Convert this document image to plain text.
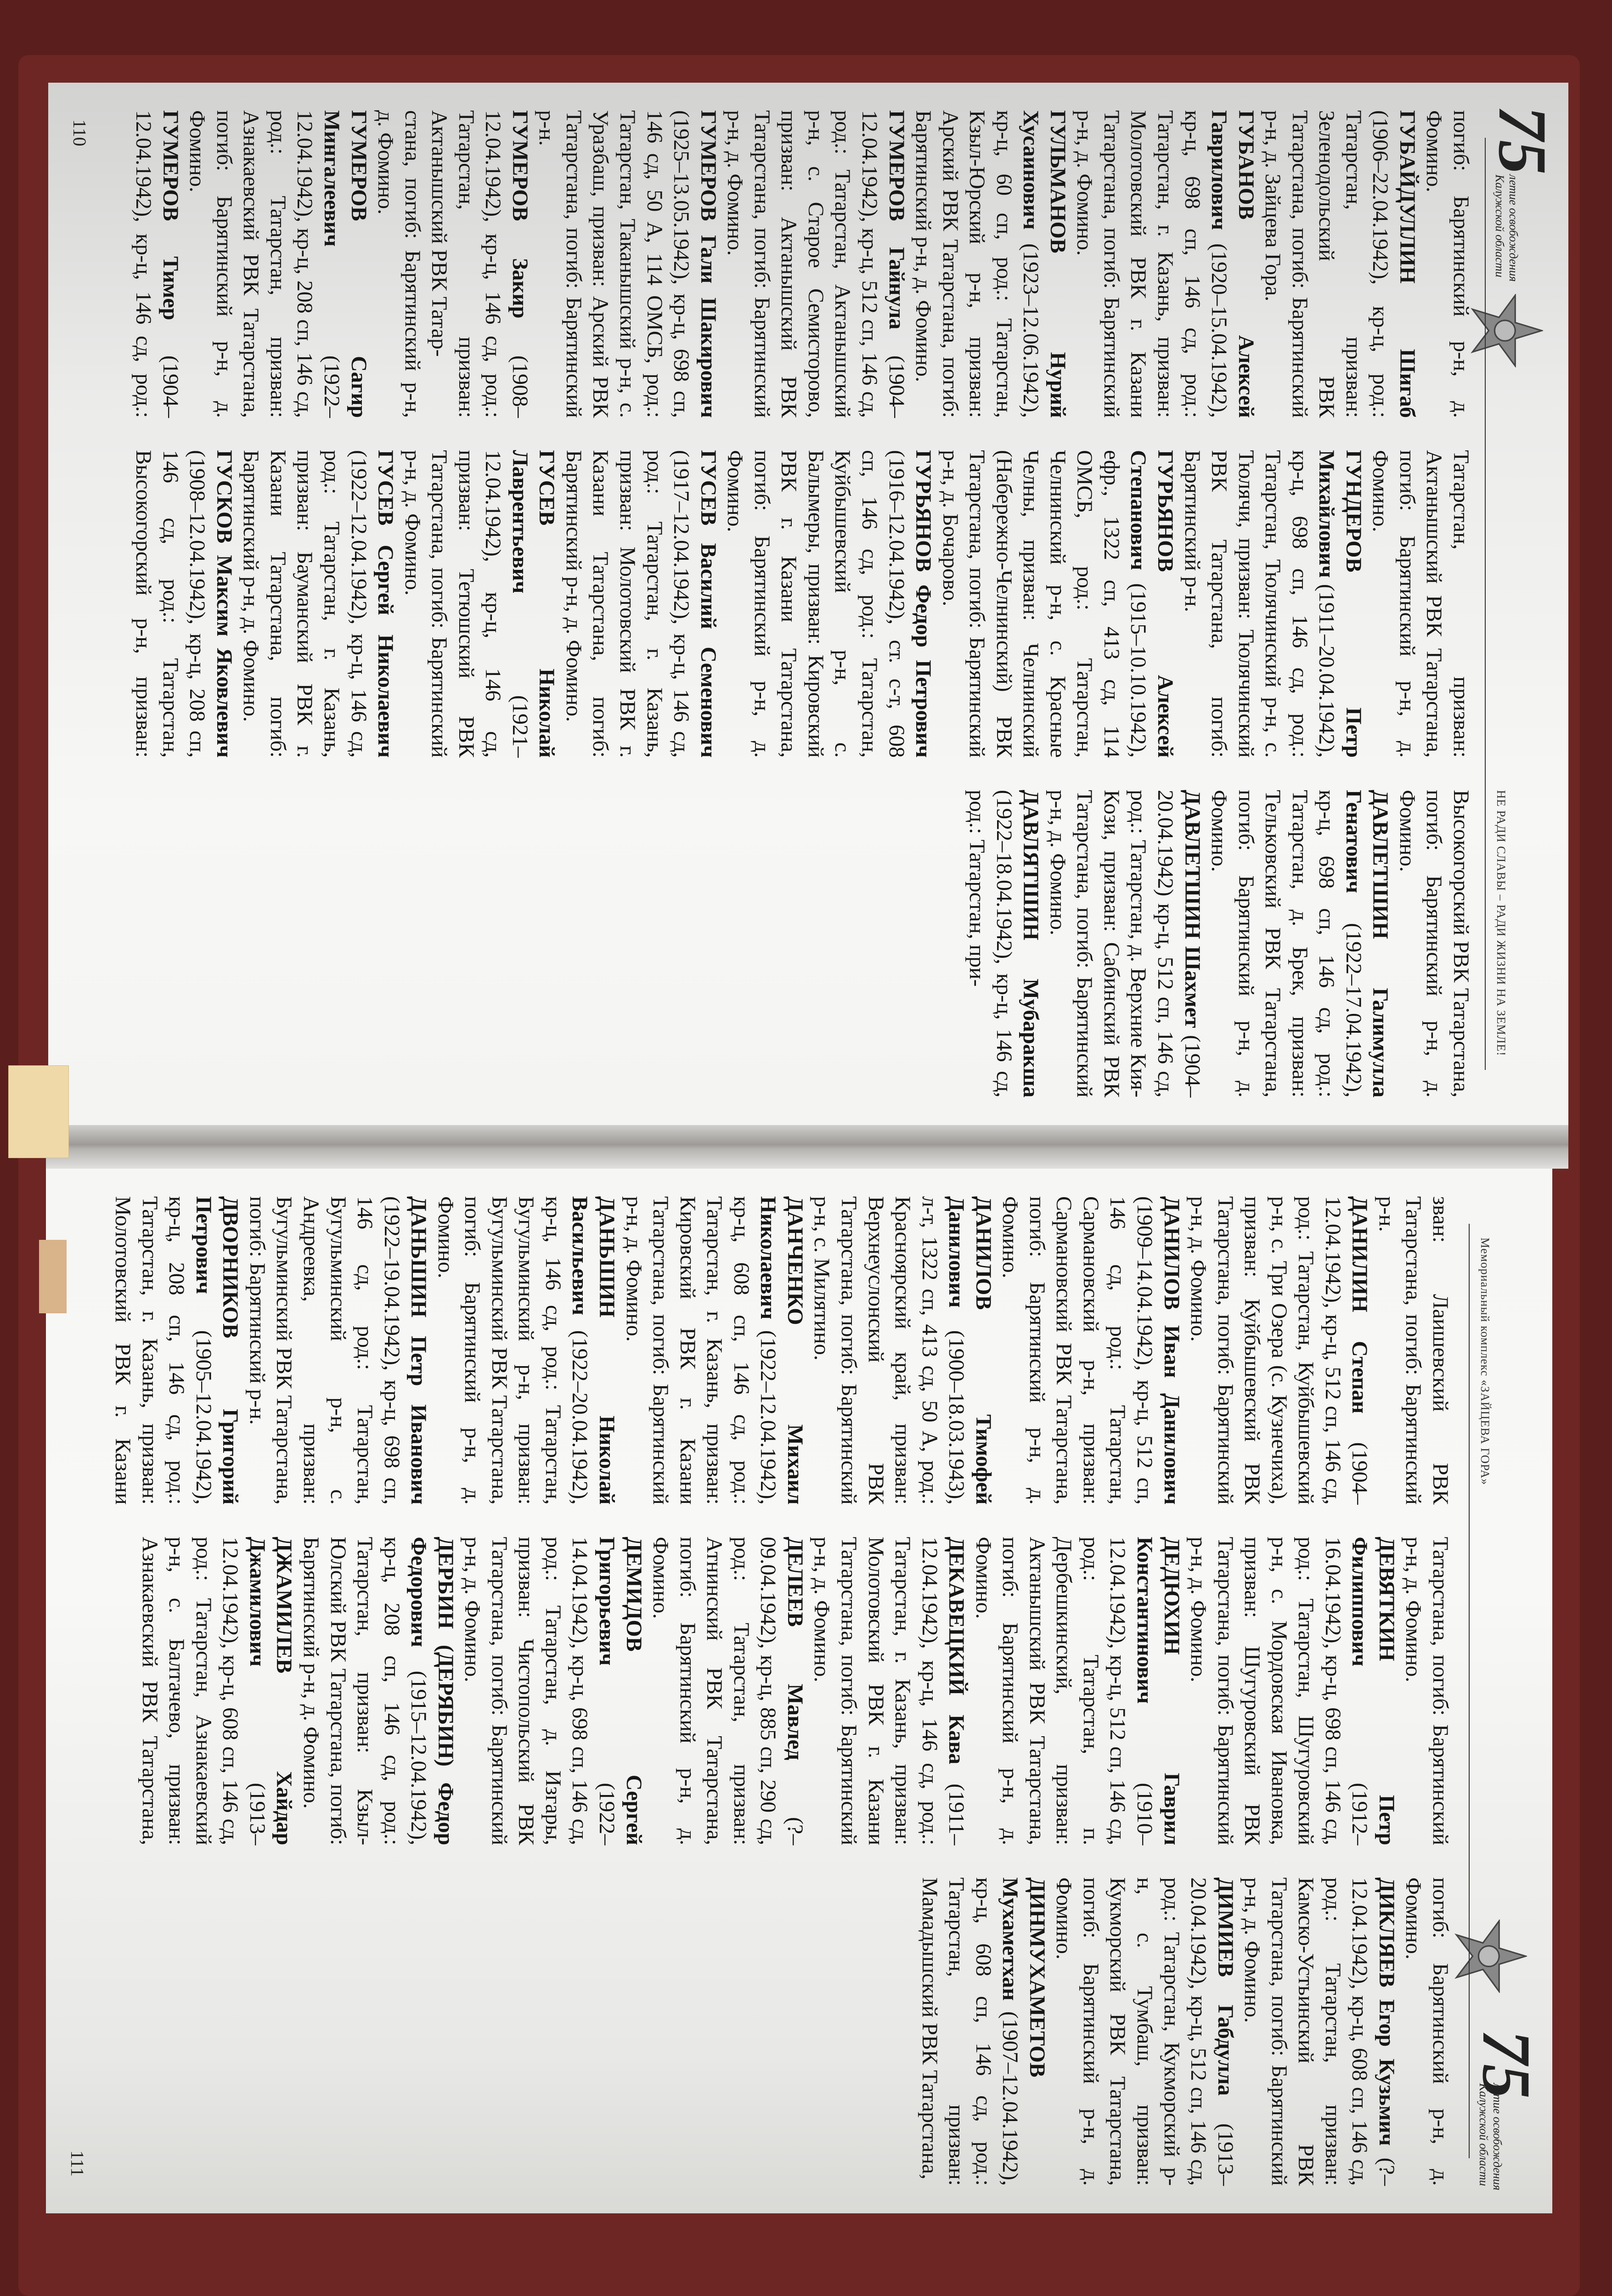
75
летие освобождения
Калужской области
НЕ РАДИ СЛАВЫ – РАДИ ЖИЗНИ НА ЗЕМЛЕ!

погиб: Барятинский р-н, д. Фомино.

ГУБАЙДУЛЛИН Шигаб (1906–22.04.1942), кр-ц, род.: Татарстан, призван: Зеленодольский РВК Татарстана, погиб: Барятинский р-н, д. Зайцева Гора.

ГУБАНОВ Алексей Гаврилович (1920–15.04.1942), кр-ц, 698 сп, 146 сд, род.: Татарстан, г. Казань, призван: Молотовский РВК г. Казани Татарстана, погиб: Барятинский р-н, д. Фомино.

ГУЛЬМАНОВ Нурий Хусаинович (1923–12.06.1942), кр-ц, 60 сп, род.: Татарстан, Кзыл-Юрский р-н, призван: Арский РВК Татарстана, погиб: Барятинский р-н, д. Фомино.

ГУМЕРОВ Гайнула (1904–12.04.1942), кр-ц, 512 сп, 146 сд, род.: Татарстан, Актанышский р-н, с. Старое Семисторово, призван: Актанышский РВК Татарстана, погиб: Барятинский р-н, д. Фомино.

ГУМЕРОВ Гали Шакирович (1925–13.05.1942), кр-ц, 698 сп, 146 сд, 50 А, 114 ОМСБ, род.: Татарстан, Таканышский р-н, с. Уразбаш, призван: Арский РВК Татарстана, погиб: Барятинский р-н.

ГУМЕРОВ Закир (1908–12.04.1942), кр-ц, 146 сд, род.: Татарстан, призван: Актанышский РВК Татар-

стана, погиб: Барятинский р-н, д. Фомино.

ГУМЕРОВ Сагир Мингалеевич (1922–12.04.1942), кр-ц, 208 сп, 146 сд, род.: Татарстан, призван: Азнакаевский РВК Татарстана, погиб: Барятинский р-н, д. Фомино.

ГУМЕРОВ Тимер (1904–12.04.1942), кр-ц, 146 сд, род.: Татарстан, призван: Актанышский РВК Татарстана, погиб: Барятинский р-н, д. Фомино.

ГУНДЕРОВ Петр Михайлович (1911–20.04.1942), кр-ц, 698 сп, 146 сд, род.: Татарстан, Тюлячинский р-н, с. Тюлячи, призван: Тюлячинский РВК Татарстана, погиб: Барятинский р-н.

ГУРЬЯНОВ Алексей Степанович (1915–10.10.1942), ефр., 1322 сп, 413 сд, 114 ОМСБ, род.: Татарстан, Челнинский р-н, с. Красные Челны, призван: Челнинский (Набережно-Челнинский) РВК Татарстана, погиб: Барятинский р-н, д. Бочарово.

ГУРЬЯНОВ Федор Петрович (1916–12.04.1942), ст. с-т, 608 сп, 146 сд, род.: Татарстан, Куйбышевский р-н, с. Балымеры, призван: Кировский РВК г. Казани Татарстана, погиб: Барятинский р-н, д. Фомино.

ГУСЕВ Василий Семенович (1917–12.04.1942), кр-ц, 146 сд, род.: Татарстан, г. Казань, призван: Молотовский РВК г. Казани Татарстана, погиб: Барятинский р-н, д. Фомино.

ГУСЕВ Николай Лаврентьевич (1921–12.04.1942), кр-ц, 146 сд, призван: Тетюшский РВК Татарстана, погиб: Барятинский р-н, д. Фомино.

ГУСЕВ Сергей Николаевич (1922–12.04.1942), кр-ц, 146 сд, род.: Татарстан, г. Казань, призван: Бауманский РВК г. Казани Татарстана, погиб: Барятинский р-н, д. Фомино.

ГУСКОВ Максим Яковлевич (1908–12.04.1942), кр-ц, 208 сп, 146 сд, род.: Татарстан, Высокогорский р-н, призван: Высокогорский РВК Татарстана, погиб: Барятинский р-н, д. Фомино.

ДАВЛЕТШИН Галимулла Генатович (1922–17.04.1942), кр-ц, 698 сп, 146 сд, род.: Татарстан, д. Брек, призван: Тельковский РВК Татарстана, погиб: Барятинский р-н, д. Фомино.

ДАВЛЕТШИН Шахмет (1904–20.04.1942) кр-ц, 512 сп, 146 сд, род.: Татарстан, д. Верхние Кия-Кози, призван: Сабинский РВК Татарстана, погиб: Барятинский р-н, д. Фомино.

ДАВЛЯТШИН Мубаракша (1922–18.04.1942), кр-ц, 146 сд, род.: Татарстан, при-

110
75
летие освобождения
Калужской области
Мемориальный комплекс «ЗАЙЦЕВА ГОРА»

зван: Лаишевский РВК Татарстана, погиб: Барятинский р-н.

ДАНИЛИН Степан (1904–12.04.1942), кр-ц, 512 сп, 146 сд, род.: Татарстан, Куйбышевский р-н, с. Три Озера (с. Кузнечиха), призван: Куйбышевский РВК Татарстана, погиб: Барятинский р-н, д. Фомино.

ДАНИЛОВ Иван Данилович (1909–14.04.1942), кр-ц, 512 сп, 146 сд, род.: Татарстан, Сармановский р-н, призван: Сармановский РВК Татарстана, погиб: Барятинский р-н, д. Фомино.

ДАНИЛОВ Тимофей Данилович (1900–18.03.1943), л-т, 1322 сп, 413 сд, 50 А, род.: Красноярский край, призван: Верхнеуслонский РВК Татарстана, погиб: Барятинский р-н, с. Милятино.

ДАНЧЕНКО Михаил Николаевич (1922–12.04.1942), кр-ц, 608 сп, 146 сд, род.: Татарстан, г. Казань, призван: Кировский РВК г. Казани Татарстана, погиб: Барятинский р-н, д. Фомино.

ДАНЬШИН Николай Васильевич (1922–20.04.1942), кр-ц, 146 сд, род.: Татарстан, Бугульминский р-н, призван: Бугульминский РВК Татарстана, погиб: Барятинский р-н, д. Фомино.

ДАНЬШИН Петр Иванович (1922–19.04.1942), кр-ц, 698 сп, 146 сд, род.: Татарстан, Бугульминский р-н, с. Андреевка, призван: Бугульминский РВК Татарстана, погиб: Барятинский р-н.

ДВОРНИКОВ Григорий Петрович (1905–12.04.1942), кр-ц, 208 сп, 146 сд, род.: Татарстан, г. Казань, призван: Молотовский РВК г. Казани Татарстана, погиб: Барятинский р-н, д. Фомино.

ДЕВЯТКИН Петр Филиппович (1912–16.04.1942), кр-ц, 698 сп, 146 сд, род.: Татарстан, Шугуровский р-н, с. Мордовская Ивановка, призван: Шугуровский РВК Татарстана, погиб: Барятинский р-н, д. Фомино.

ДЕДЮХИН Гаврил Константинович (1910–12.04.1942), кр-ц, 512 сп, 146 сд, род.: Татарстан, п. Дербешкинский, призван: Актанышский РВК Татарстана, погиб: Барятинский р-н, д. Фомино.

ДЕКАВЕЦКИЙ Кава (1911–12.04.1942), кр-ц, 146 сд, род.: Татарстан, г. Казань, призван: Молотовский РВК г. Казани Татарстана, погиб: Барятинский р-н, д. Фомино.

ДЕЛЕЕВ Мавлед (?–09.04.1942), кр-ц, 885 сп, 290 сд, род.: Татарстан, призван: Атнинский РВК Татарстана, погиб: Барятинский р-н, д. Фомино.

ДЕМИДОВ Сергей Григорьевич (1922–14.04.1942), кр-ц, 698 сп, 146 сд, род.: Татарстан, д. Изгары, призван: Чистопольский РВК Татарстана, погиб: Барятинский р-н, д. Фомино.

ДЕРБИН (ДЕРЯБИН) Федор Федорович (1915–12.04.1942), кр-ц, 208 сп, 146 сд, род.: Татарстан, призван: Кзыл-Юлский РВК Татарстана, погиб: Барятинский р-н, д. Фомино.

ДЖАМИЛЕВ Хайдар Джамилович (1913–12.04.1942), кр-ц, 608 сп, 146 сд, род.: Татарстан, Азнакаевский р-н, с. Балтачево, призван: Азнакаевский РВК Татарстана, погиб: Барятинский р-н, д. Фомино.

ДИКЛЯЕВ Егор Кузьмич (?–12.04.1942), кр-ц, 608 сп, 146 сд, род.: Татарстан, призван: Камско-Устьинский РВК Татарстана, погиб: Барятинский р-н, д. Фомино.

ДИМИЕВ Габдулла (1913–20.04.1942), кр-ц, 512 сп, 146 сд, род.: Татарстан, Кукморский р-н, с. Тумбаш, призван: Кукморский РВК Татарстана, погиб: Барятинский р-н, д. Фомино.

ДИНМУХАМЕТОВ Мухаметхан (1907–12.04.1942), кр-ц, 608 сп, 146 сд, род.: Татарстан, призван: Мамадышский РВК Татарстана,

111
